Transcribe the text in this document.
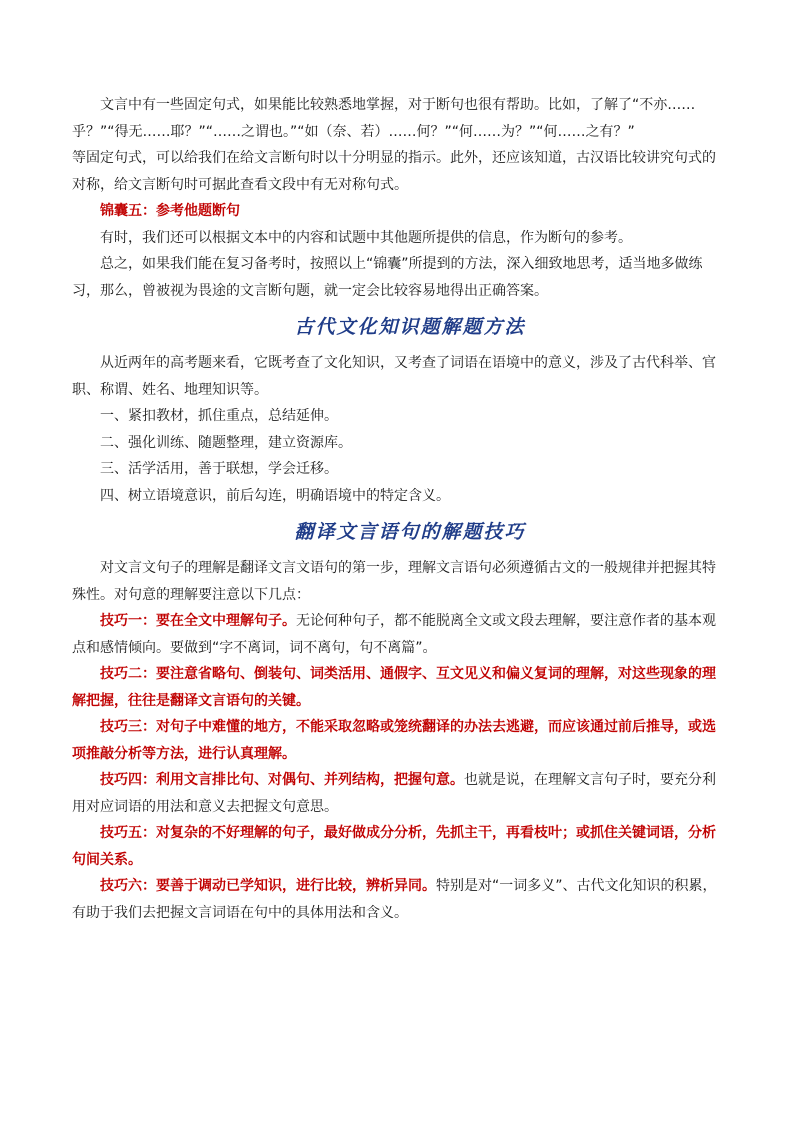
文言中有一些固定句式，如果能比较熟悉地掌握，对于断句也很有帮助。比如，了解了“不亦……
乎？”“得无……耶？”“……之谓也。”“如（奈、若）……何？”“何……为？”“何……之有？”
等固定句式，可以给我们在给文言断句时以十分明显的指示。此外，还应该知道，古汉语比较讲究句式的
对称，给文言断句时可据此查看文段中有无对称句式。

锦囊五：参考他题断句

有时，我们还可以根据文本中的内容和试题中其他题所提供的信息，作为断句的参考。

总之，如果我们能在复习备考时，按照以上“锦囊”所提到的方法，深入细致地思考，适当地多做练
习，那么，曾被视为畏途的文言断句题，就一定会比较容易地得出正确答案。

古代文化知识题解题方法

从近两年的高考题来看，它既考查了文化知识，又考查了词语在语境中的意义，涉及了古代科举、官
职、称谓、姓名、地理知识等。

一、紧扣教材，抓住重点，总结延伸。

二、强化训练、随题整理，建立资源库。

三、活学活用，善于联想，学会迁移。

四、树立语境意识，前后勾连，明确语境中的特定含义。

翻译文言语句的解题技巧

对文言文句子的理解是翻译文言文语句的第一步，理解文言语句必须遵循古文的一般规律并把握其特
殊性。对句意的理解要注意以下几点：

技巧一：要在全文中理解句子。无论何种句子，都不能脱离全文或文段去理解，要注意作者的基本观
点和感情倾向。要做到“字不离词，词不离句，句不离篇”。

技巧二：要注意省略句、倒装句、词类活用、通假字、互文见义和偏义复词的理解，对这些现象的理
解把握，往往是翻译文言语句的关键。

技巧三：对句子中难懂的地方，不能采取忽略或笼统翻译的办法去逃避，而应该通过前后推导，或选
项推敲分析等方法，进行认真理解。

技巧四：利用文言排比句、对偶句、并列结构，把握句意。也就是说，在理解文言句子时，要充分利
用对应词语的用法和意义去把握文句意思。

技巧五：对复杂的不好理解的句子，最好做成分分析，先抓主干，再看枝叶；或抓住关键词语，分析
句间关系。

技巧六：要善于调动已学知识，进行比较，辨析异同。特别是对“一词多义”、古代文化知识的积累，
有助于我们去把握文言词语在句中的具体用法和含义。
